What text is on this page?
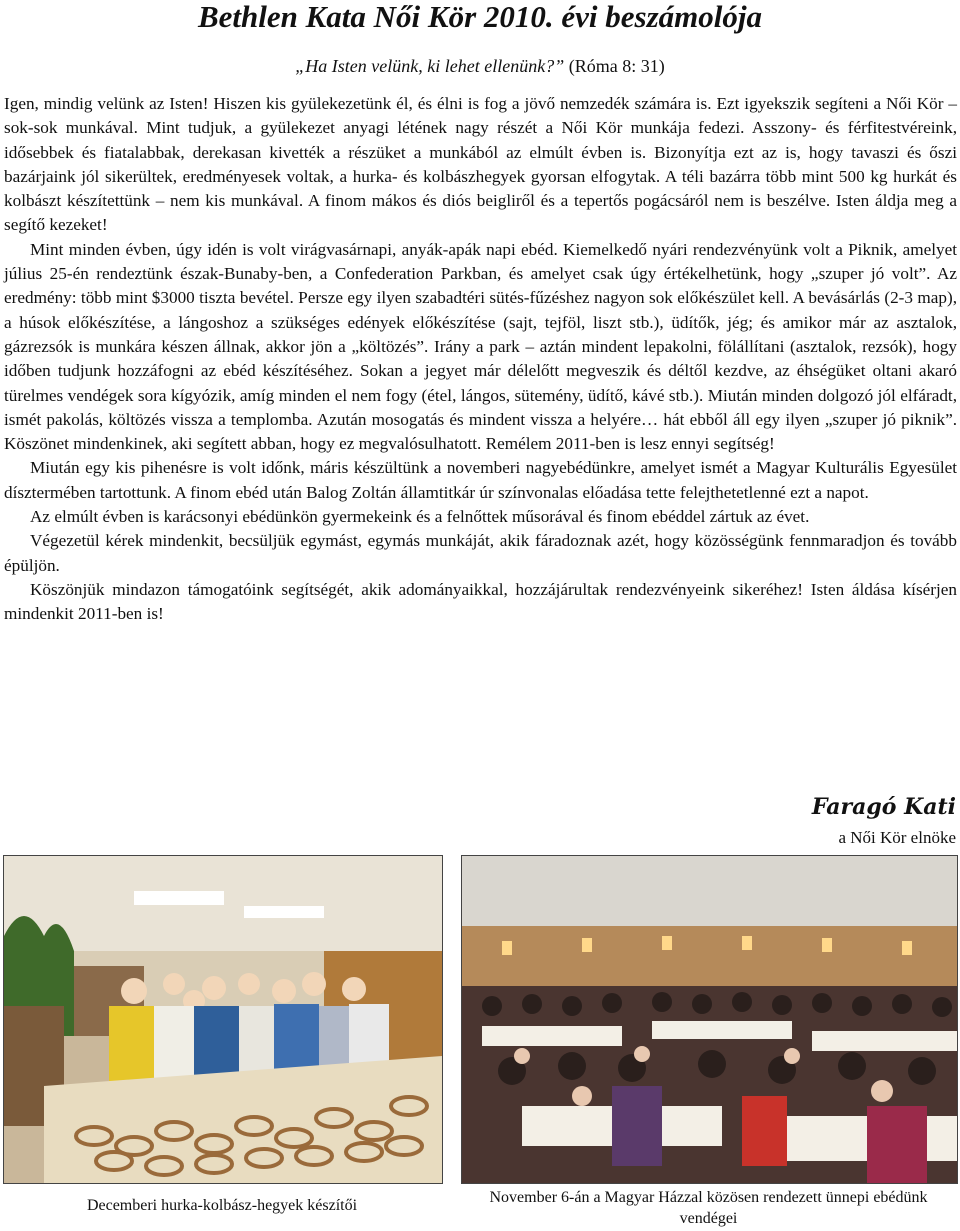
Bethlen Kata Női Kör 2010. évi beszámolója
„Ha Isten velünk, ki lehet ellenünk?” (Róma 8: 31)

Igen, mindig velünk az Isten! Hiszen kis gyülekezetünk él, és élni is fog a jövő nemzedék számára is. Ezt igyekszik segíteni a Női Kör – sok-sok munkával. Mint tudjuk, a gyülekezet anyagi létének nagy részét a Női Kör munkája fedezi. Asszony- és férfitestvéreink, idősebbek és fiatalabbak, derekasan kivették a részüket a munkából az elmúlt évben is. Bizonyítja ezt az is, hogy tavaszi és őszi bazárjaink jól sikerültek, eredményesek voltak, a hurka- és kolbászhegyek gyorsan elfogytak. A téli bazárra több mint 500 kg hurkát és kolbászt készítettünk – nem kis munkával. A finom mákos és diós beigliről és a tepertős pogácsáról nem is beszélve. Isten áldja meg a segítő kezeket!

Mint minden évben, úgy idén is volt virágvasárnapi, anyák-apák napi ebéd. Kiemelkedő nyári rendezvényünk volt a Piknik, amelyet július 25-én rendeztünk észak-Bunaby-ben, a Confederation Parkban, és amelyet csak úgy értékelhetünk, hogy „szuper jó volt”. Az eredmény: több mint $3000 tiszta bevétel. Persze egy ilyen szabadtéri sütés-fűzéshez nagyon sok előkészület kell. A bevásárlás (2-3 map), a húsok előkészítése, a lángoshoz a szükséges edények előkészítése (sajt, tejföl, liszt stb.), üdítők, jég; és amikor már az asztalok, gázrezsók is munkára készen állnak, akkor jön a „költözés”. Irány a park – aztán mindent lepakolni, fölállítani (asztalok, rezsók), hogy időben tudjunk hozzáfogni az ebéd készítéséhez. Sokan a jegyet már délelőtt megveszik és déltől kezdve, az éhségüket oltani akaró türelmes vendégek sora kígyózik, amíg minden el nem fogy (étel, lángos, sütemény, üdítő, kávé stb.). Miután minden dolgozó jól elfáradt, ismét pakolás, költözés vissza a templomba. Azután mosogatás és mindent vissza a helyére… hát ebből áll egy ilyen „szuper jó piknik”. Köszönet mindenkinek, aki segített abban, hogy ez megvalósulhatott. Remélem 2011-ben is lesz ennyi segítség!

Miután egy kis pihenésre is volt időnk, máris készültünk a novemberi nagyebédünkre, amelyet ismét a Magyar Kulturális Egyesület dísztermében tartottunk. A finom ebéd után Balog Zoltán államtitkár úr színvonalas előadása tette felejthetetlenné ezt a napot.

Az elmúlt évben is karácsonyi ebédünkön gyermekeink és a felnőttek műsorával és finom ebéddel zártuk az évet.

Végezetül kérek mindenkit, becsüljük egymást, egymás munkáját, akik fáradoznak azét, hogy közösségünk fennmaradjon és tovább épüljön.

Köszönjük mindazon támogatóink segítségét, akik adományaikkal, hozzájárultak rendezvényeink sikeréhez! Isten áldása kísérjen mindenkit 2011-ben is!

Faragó Kati
a Női Kör elnöke
Decemberi hurka-kolbász-hegyek készítői	November 6-án a Magyar Házzal közösen rendezett ünnepi ebédünk vendégei
